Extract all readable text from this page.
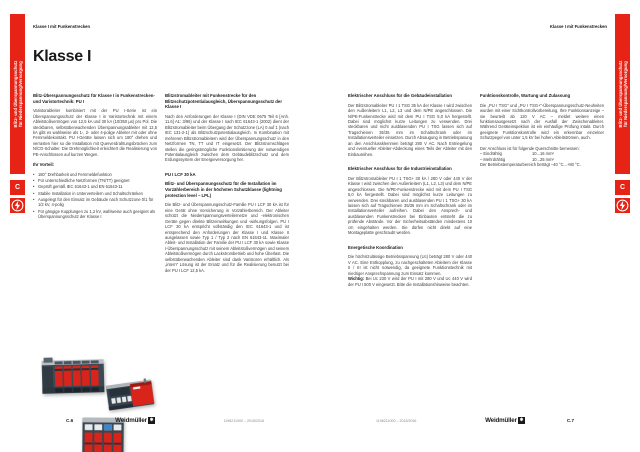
Blitz- und Überspannungsschutz für Niederspannung/Versorgung
C
Klasse I mit Funkenstrecken
Klasse I
Blitz-Überspannungsschutz für Klasse I in Funkenstrecken- und Varistortechnik: PU I

Varistorableiter kombiniert mit der PU I-Serie ist ein Überspannungsschutz der Klasse I in Varistortechnik mit einem Ableitstoßvermögen von 12,5 kA und 30 kA (10/350 µs) pro Pol. Die steckbaren, selbstüberwachenden Überspannungsableiter mit 12,5 kA gibt es wahlweise als 1-, 2- oder 4-polige Ableiter mit oder ohne Fernmeldekontakt. PU I-Geräte lassen sich um 180° drehen und verrasten hier so die Installation mit Querverdrahtungsbrücken zum N/CO-Schalter. Die Drehmöglichkeit erleichtert die Realisierung von PE-Anschlüssen auf kurzen Wegen.

Ihr Vorteil:
• 180° Drehbarkeit und Fernmeldefunktion
• Für unterschiedliche Netzformen (TN/TT) geeignet
• Geprüft gemäß IEC 61643-1 und EN 61643-11
• Stabile Installation in Unterverteilern und Schaltschränken
• Ausgelegt für den Einsatz im Gebäude nach Schutzzone 0/1 für 1/2 kV, 4-polig
• Für gängige Kopplungen zu 1,2 kV, wahlweise auch geeignet als Überspannungsschutz der Klasse I
Blitzstromableiter mit Funkenstrecke für den Blitzschutzpotentialausgleich, Überspannungsschutz der Klasse I

Nach den Anforderungen der Klasse I (DIN VDE 0675 Teil 6 [Anh. 11.6] A1: 3/96) und der Klasse I nach IEC 61643-1 (2002) dient der Blitzstromableiter beim Übergang der Schutzzone (LA) 0 auf 1 (nach IEC 131-2-1) als Blitzschutzpotentialausgleich. In Kombination mit mehreren Blitzstromableitern wird der Überspannungsschutz in den Netzformen TN, TT und IT eingesetzt. Der Blitzstromschlägen stellen die geringstmögliche Funktionslimitierung der notwendigen Potentialausgleich zwischen dem Gebäudeblitzschutz und dem Erdungssystem der Energieversorgung her.

PU I LCF 30 kA
Blitz- und Überspannungsschutz für die Installation im Vorzählerbereich in der höchsten Schutzklasse (lightning protection level – LPL)

Die Blitz- und Überspannungsschutz-Familie PU I LCF 30 kA ist für eine Gerät ohne Vorsicherung in Vorzählerbereich. Der Ableiter schützt die Niederspannungsverteilernetze und -elektronischen Geräte gegen direkte Blitzeinwirkungen und -wirkungsfolgen. PU I LCF 30 kA entspricht vollständig den IEC 61643-1 und ist entsprechend den Anforderungen der Klasse I und Klasse II ausgelassen sowie Typ 1 / Typ 2 nach EN 61643-11. Maximaler Ableit- und Installation der Familie der PU I LCF 30 kA sowie Klasse I-Überspannungsschutz mit seinem Ableitstoßvermögen und seinem Ableitstoßvermögen durch Lackstrombetrieb und hohe Überlast. Die selbstüberwachenden Ableiter sind dank Varistoren erhältlich. Als „intern" Lösung ist der Ersatz und für die Realisierung benutzt bei der PU I LCF 12,5 kA.

C.6	Weidmüller ✱	1196211000 – 2015/2016
Blitz- und Überspannungsschutz für Niederspannung/Versorgung
C
Klasse I mit Funkenstrecken
Elektrischer Anschluss für die Gebäudeinstallation

Der Blitzstromableiter PU I 1 TSG 35 kA der Klasse I wird zwischen den Außenleitern L1, L2, L3 und dem N/PE angeschlossen. Die N/PE-Funkenstrecke wird mit dem PU I TSG 5,0 kA hergestellt. Dabei sind möglichst kurze Leitungen zu verwenden. Drei steckbaren und nicht ausblasenden PU I TSG lassen sich auf Tragschienen 35/35 mm im Schaltschrank oder im Installationsverteiler einsetzen. Durch Absaugung in Betriebspanung an den Anschlussklemmen beträgt 280 V AC. Nach Entriegelung und eventueller Ableiter-Abdeckung eines Teils der Ableiter mit den Einbaureihen.

Elektrischer Anschluss für die Industrieinstallation

Der Blitzstromableiter PU I 1 TSG+ 30 kA / 280 V oder 440 V der Klasse I wird zwischen den Außenleitern (L1, L2, L3) und dem N/PE angeschlossen. Die N/PE-Funkenstrecke wird mit dem PU I TSG 5,0 kA hergestellt. Dabei sind möglichst kurze Leitungen zu verwenden. Drei steckbaren und ausblasenden PU I 1 TSG+ 30 kA lassen sich auf Tragschienen 35/35 mm im Schaltschrank oder im Installationsverteiler aufreihen. Dabei den Ansprech- und ausblasenden Funkenstrecken bei Einbauten entsteht die zu prüfende Abstände. Vor der Sicherheitsabständen mindestens 10 cm eingehalten werden. Sie dürfen nicht direkt auf eine Montageplatte geschraubt werden.

Energetische Koordination

Die höchstzulässige Betriebsspannung (Uc) beträgt 280 V oder 440 V AC. Eine Entkopplung, zu nachgeschalteten Ableitern der Klasse II / III ist nicht notwendig, da geeignete Funktionstechnik mit niedriger Ansprechspannung zum Einsatz kommen.

Wichtig: Bei Uc 230 V wird der PU I mit 280 V und Uc 440 V wird der PU I 500 V eingesetzt. Bitte die Installationshinweise beachten.

Funktionskontrolle, Wartung und Zulassung

Die „PU I TSG" und „PU I TSG+"-Überspannungsschutz-Neuheiten wurden mit einer Sichtkontrollvorbereitung, Ihre Funktionsanzeige – sie beurteilt ab 120 V AC – meldet weitere einen funktionsausgesetzt nach der Ausfall der Zwischenableiter. Während Geräteinspektion ist ein einhäufige Prüfung intakt. Durch geeignete Funktionskontrolle wird ein erkennbar einzelner Schutzpegel von unter 1,5 kV bei hohen Ableitströmen, auch.

Der Anschluss ist für folgende Querschnitte bemessen:

– Eindrähtig	10...16 mm²
– Mehrdrähtig	10...25 mm²

Der Betriebstemperaturbereich beträgt –40 °C...+80 °C.

1196211000 – 2015/2016	Weidmüller ✱	C.7
